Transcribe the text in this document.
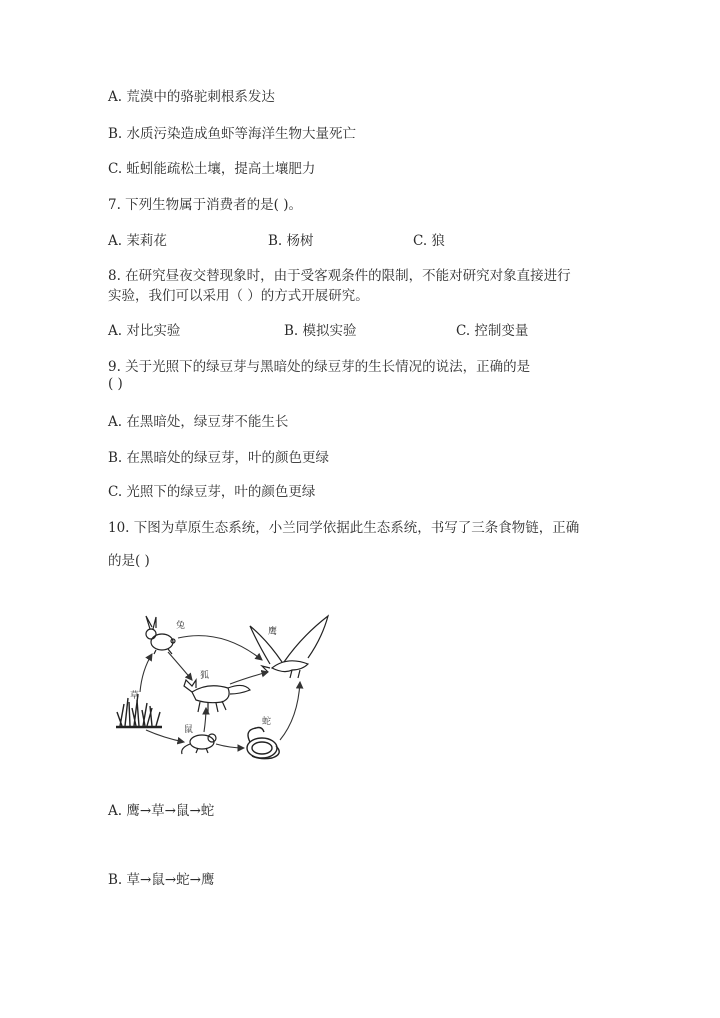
A. 荒漠中的骆驼刺根系发达
B. 水质污染造成鱼虾等海洋生物大量死亡
C. 蚯蚓能疏松土壤，提高土壤肥力
7. 下列生物属于消费者的是( )。
A. 茉莉花	B. 杨树	C. 狼
8. 在研究昼夜交替现象时，由于受客观条件的限制，不能对研究对象直接进行
实验，我们可以采用（ ）的方式开展研究。
A. 对比实验	B. 模拟实验	C. 控制变量
9. 关于光照下的绿豆芽与黑暗处的绿豆芽的生长情况的说法，正确的是
( )
A. 在黑暗处，绿豆芽不能生长
B. 在黑暗处的绿豆芽，叶的颜色更绿
C. 光照下的绿豆芽，叶的颜色更绿
10. 下图为草原生态系统，小兰同学依据此生态系统，书写了三条食物链，正确
的是( )
草
兔
鹰
狐
鼠
蛇
A. 鹰→草→鼠→蛇
B. 草→鼠→蛇→鹰
